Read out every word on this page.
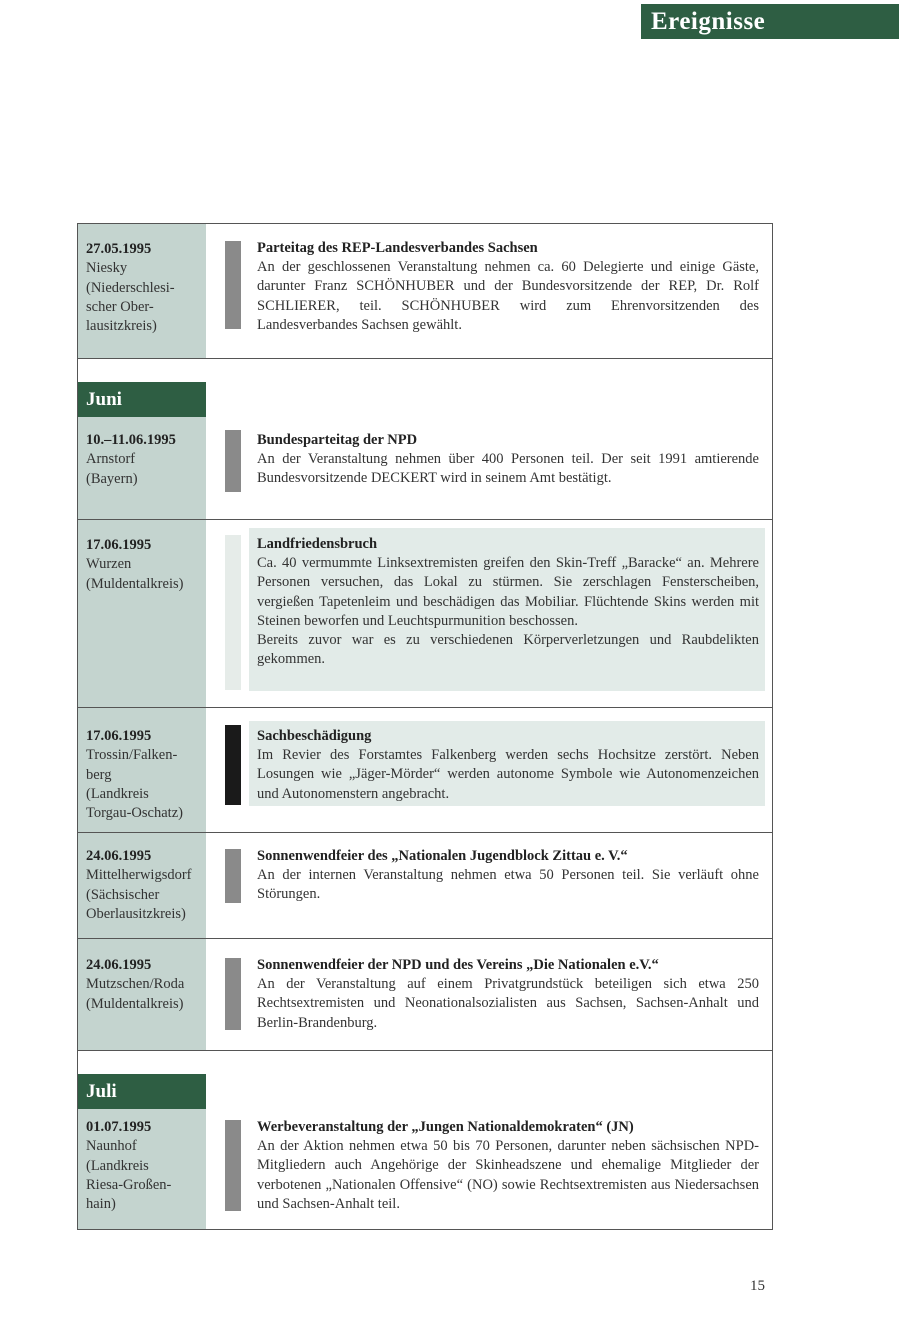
Ereignisse
Juni
Juli
27.05.1995
Niesky
(Niederschlesi-
scher Ober-
lausitzkreis)

Parteitag des REP-Landesverbandes Sachsen

An der geschlossenen Veranstaltung nehmen ca. 60 Delegierte und einige Gäste, darunter Franz SCHÖNHUBER und der Bundesvorsitzende der REP, Dr. Rolf SCHLIERER, teil. SCHÖNHUBER wird zum Ehrenvorsitzenden des Landesverbandes Sachsen gewählt.

10.–11.06.1995
Arnstorf
(Bayern)

Bundesparteitag der NPD

An der Veranstaltung nehmen über 400 Personen teil. Der seit 1991 amtierende Bundesvorsitzende DECKERT wird in seinem Amt bestätigt.

17.06.1995
Wurzen
(Muldentalkreis)

Landfriedensbruch

Ca. 40 vermummte Linksextremisten greifen den Skin-Treff „Baracke“ an. Mehrere Personen versuchen, das Lokal zu stürmen. Sie zerschlagen Fensterscheiben, vergießen Tapetenleim und beschädigen das Mobiliar. Flüchtende Skins werden mit Steinen beworfen und Leuchtspurmunition beschossen.

Bereits zuvor war es zu verschiedenen Körperverletzungen und Raubdelikten gekommen.

17.06.1995
Trossin/Falken-
berg
(Landkreis
Torgau-Oschatz)

Sachbeschädigung

Im Revier des Forstamtes Falkenberg werden sechs Hochsitze zerstört. Neben Losungen wie „Jäger-Mörder“ werden autonome Symbole wie Autonomenzeichen und Autonomenstern angebracht.

24.06.1995
Mittelherwigsdorf
(Sächsischer
Oberlausitzkreis)

Sonnenwendfeier des „Nationalen Jugendblock Zittau e. V.“

An der internen Veranstaltung nehmen etwa 50 Personen teil. Sie verläuft ohne Störungen.

24.06.1995
Mutzschen/Roda
(Muldentalkreis)

Sonnenwendfeier der NPD und des Vereins „Die Nationalen e.V.“

An der Veranstaltung auf einem Privatgrundstück beteiligen sich etwa 250 Rechtsextremisten und Neonationalsozialisten aus Sachsen, Sachsen-Anhalt und Berlin-Brandenburg.

01.07.1995
Naunhof
(Landkreis
Riesa-Großen-
hain)

Werbeveranstaltung der „Jungen Nationaldemokraten“ (JN)

An der Aktion nehmen etwa 50 bis 70 Personen, darunter neben sächsischen NPD-Mitgliedern auch Angehörige der Skinheadszene und ehemalige Mitglieder der verbotenen „Nationalen Offensive“ (NO) sowie Rechtsextremisten aus Niedersachsen und Sachsen-Anhalt teil.

15
